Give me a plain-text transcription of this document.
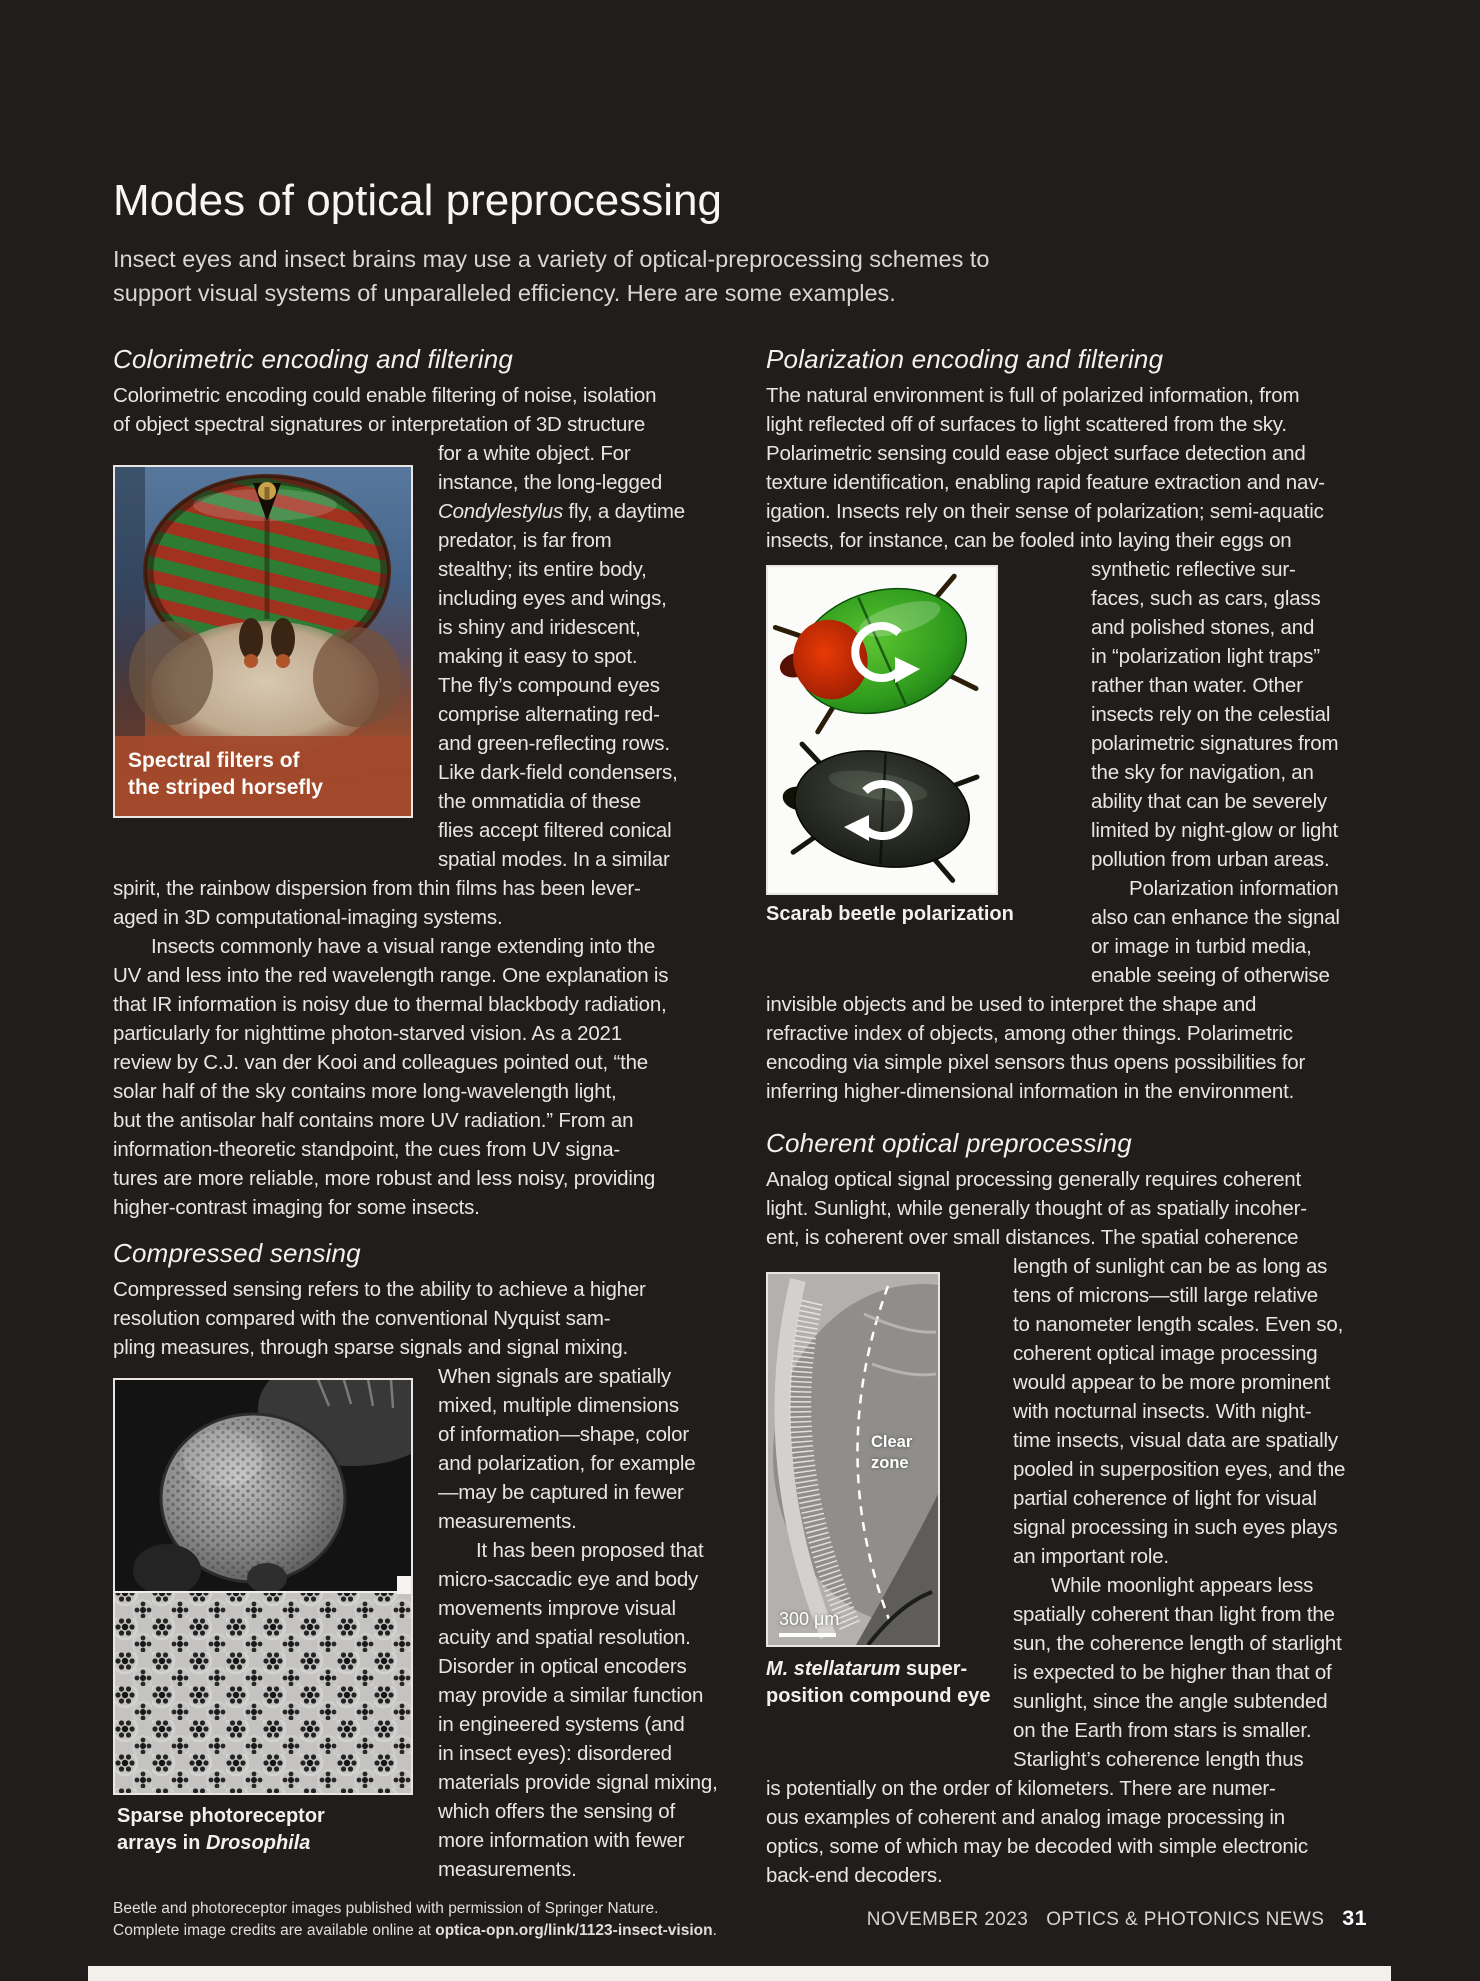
Modes of optical preprocessing
Insect eyes and insect brains may use a variety of optical-preprocessing schemes to
support visual systems of unparalleled efficiency. Here are some examples.
Colorimetric encoding and filtering
Colorimetric encoding could enable filtering of noise, isolation
of object spectral signatures or interpretation of 3D structure
for a white object. For
instance, the long-legged
Condylestylus fly, a daytime
predator, is far from
stealthy; its entire body,
including eyes and wings,
is shiny and iridescent,
making it easy to spot.
The fly’s compound eyes
comprise alternating red-
and green-reflecting rows.
Like dark-field condensers,
the ommatidia of these
flies accept filtered conical
spatial modes. In a similar
spirit, the rainbow dispersion from thin films has been lever-
aged in 3D computational-imaging systems.
Insects commonly have a visual range extending into the
UV and less into the red wavelength range. One explanation is
that IR information is noisy due to thermal blackbody radiation,
particularly for nighttime photon-starved vision. As a 2021
review by C.J. van der Kooi and colleagues pointed out, “the
solar half of the sky contains more long-wavelength light,
but the antisolar half contains more UV radiation.” From an
information-theoretic standpoint, the cues from UV signa-
tures are more reliable, more robust and less noisy, providing
higher-contrast imaging for some insects.
Spectral filters of
the striped horsefly
Compressed sensing
Compressed sensing refers to the ability to achieve a higher
resolution compared with the conventional Nyquist sam-
pling measures, through sparse signals and signal mixing.
When signals are spatially
mixed, multiple dimensions
of information—shape, color
and polarization, for example
—may be captured in fewer
measurements.
It has been proposed that
micro-saccadic eye and body
movements improve visual
acuity and spatial resolution.
Disorder in optical encoders
may provide a similar function
in engineered systems (and
in insect eyes): disordered
materials provide signal mixing,
which offers the sensing of
more information with fewer
measurements.
Sparse photoreceptor
arrays in Drosophila
Polarization encoding and filtering
The natural environment is full of polarized information, from
light reflected off of surfaces to light scattered from the sky.
Polarimetric sensing could ease object surface detection and
texture identification, enabling rapid feature extraction and nav-
igation. Insects rely on their sense of polarization; semi-aquatic
insects, for instance, can be fooled into laying their eggs on
synthetic reflective sur-
faces, such as cars, glass
and polished stones, and
in “polarization light traps”
rather than water. Other
insects rely on the celestial
polarimetric signatures from
the sky for navigation, an
ability that can be severely
limited by night-glow or light
pollution from urban areas.
Polarization information
also can enhance the signal
or image in turbid media,
enable seeing of otherwise
invisible objects and be used to interpret the shape and
refractive index of objects, among other things. Polarimetric
encoding via simple pixel sensors thus opens possibilities for
inferring higher-dimensional information in the environment.
Scarab beetle polarization
Coherent optical preprocessing
Analog optical signal processing generally requires coherent
light. Sunlight, while generally thought of as spatially incoher-
ent, is coherent over small distances. The spatial coherence
length of sunlight can be as long as
tens of microns—still large relative
to nanometer length scales. Even so,
coherent optical image processing
would appear to be more prominent
with nocturnal insects. With night-
time insects, visual data are spatially
pooled in superposition eyes, and the
partial coherence of light for visual
signal processing in such eyes plays
an important role.
While moonlight appears less
spatially coherent than light from the
sun, the coherence length of starlight
is expected to be higher than that of
sunlight, since the angle subtended
on the Earth from stars is smaller.
Starlight’s coherence length thus
is potentially on the order of kilometers. There are numer-
ous examples of coherent and analog image processing in
optics, some of which may be decoded with simple electronic
back-end decoders.
Clear
zone
300 μm
M. stellatarum super-
position compound eye
Beetle and photoreceptor images published with permission of Springer Nature.
Complete image credits are available online at optica-opn.org/link/1123-insect-vision.
NOVEMBER 2023 OPTICS & PHOTONICS NEWS 31
